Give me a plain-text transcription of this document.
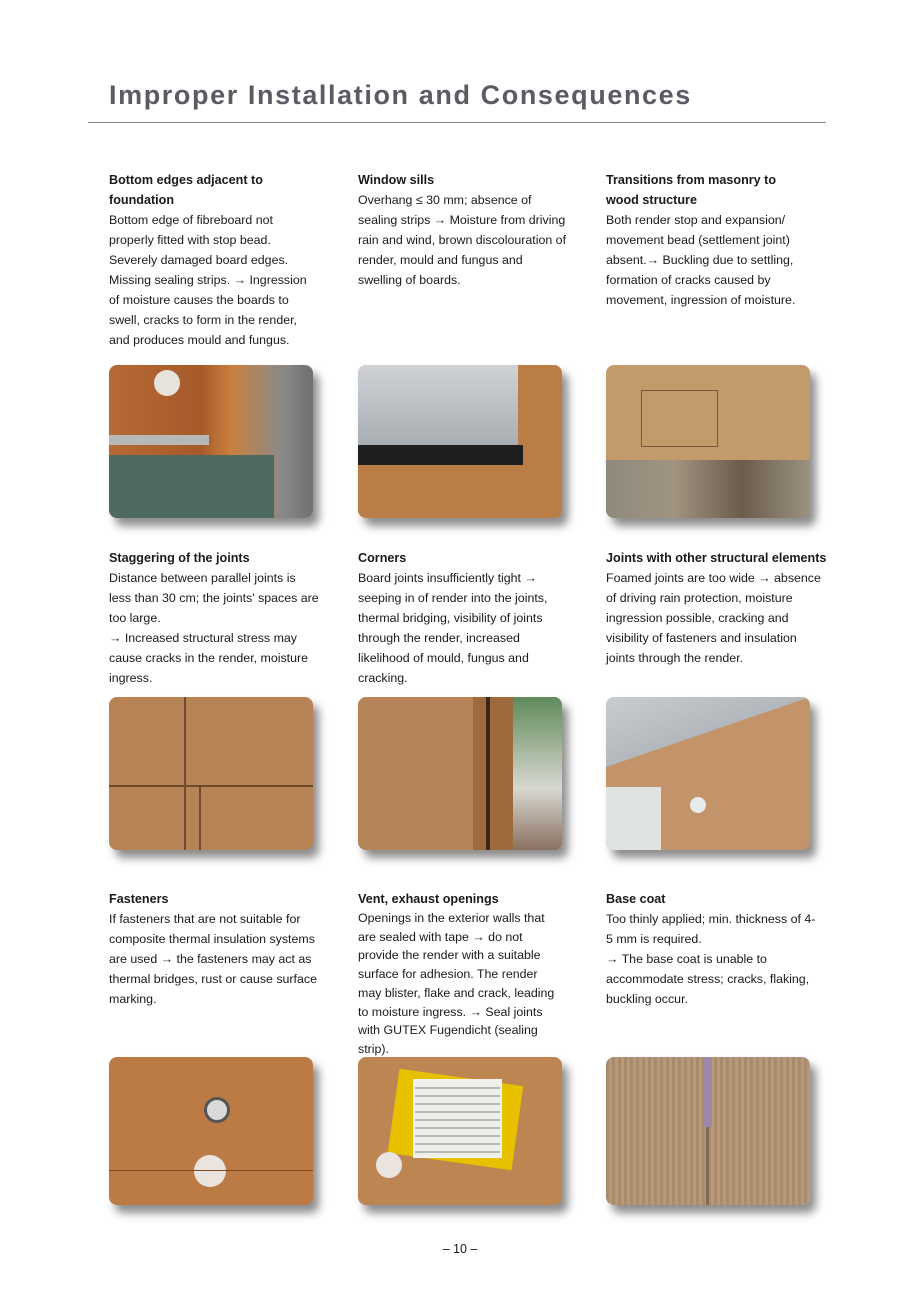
Improper Installation and Consequences
Bottom edges adjacent to foundation

Bottom edge of fibreboard not properly fitted with stop bead. Severely damaged board edges. Missing sealing strips. → Ingression of moisture causes the boards to swell, cracks to form in the render, and produces mould and fungus.

Window sills

Overhang ≤ 30 mm; absence of sealing strips → Moisture from driving rain and wind, brown discolouration of render, mould and fungus and swelling of boards.

Transitions from masonry to wood structure

Both render stop and expansion/ movement bead (settlement joint) absent.→ Buckling due to settling, formation of cracks caused by movement, ingression of moisture.

Staggering of the joints

Distance between parallel joints is less than 30 cm; the joints' spaces are too large.

→ Increased structural stress may cause cracks in the render, moisture ingress.

Corners

Board joints insufficiently tight → seeping in of render into the joints, thermal bridging, visibility of joints through the render, increased likelihood of mould, fungus and cracking.

Joints with other structural elements

Foamed joints are too wide → absence of driving rain protection, moisture ingression possible, cracking and visibility of fasteners and insulation joints through the render.

Fasteners

If fasteners that are not suitable for composite thermal insulation systems are used → the fasteners may act as thermal bridges, rust or cause surface marking.

Vent, exhaust openings

Openings in the exterior walls that are sealed with tape → do not provide the render with a suitable surface for adhesion. The render may blister, flake and crack, leading to moisture ingress. → Seal joints with GUTEX Fugendicht (sealing strip).

Base coat

Too thinly applied; min. thickness of 4-5 mm is required.

→ The base coat is unable to accommodate stress; cracks, flaking, buckling occur.

– 10 –
